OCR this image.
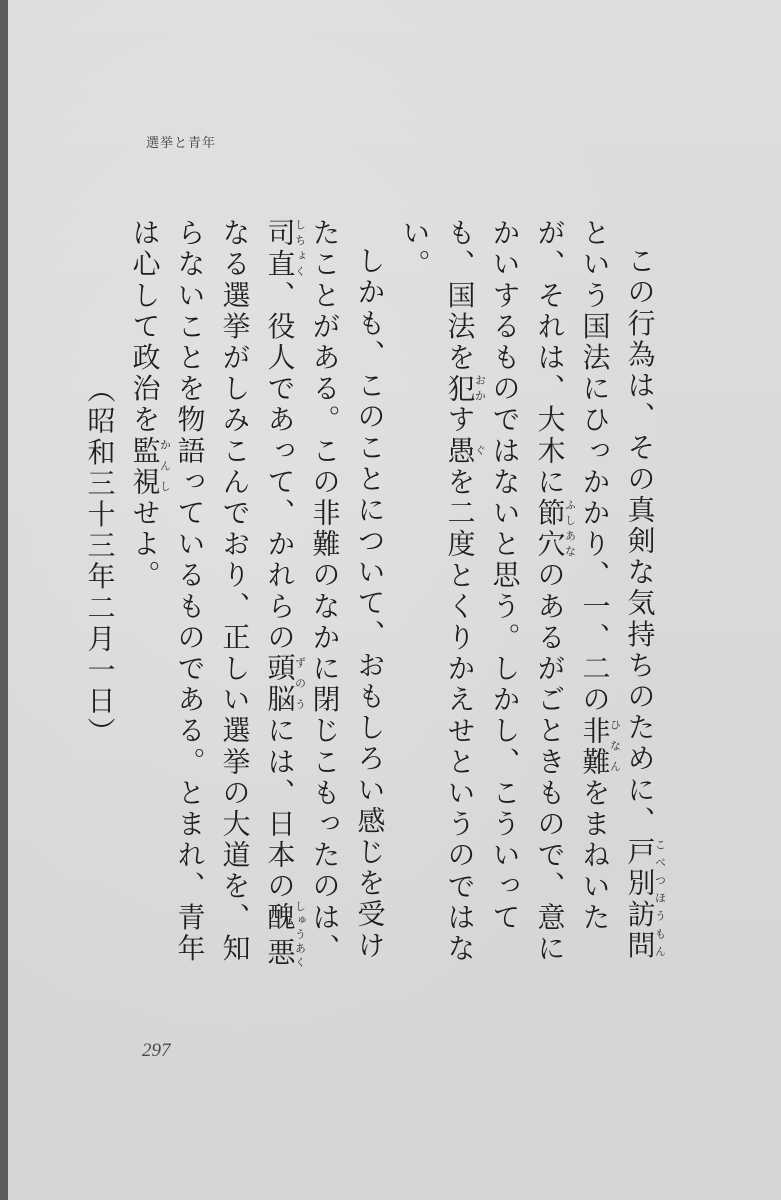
選挙と青年

この行為は、その真剣な気持ちのために、戸別訪問こべつほうもんという国法にひっかかり、一、二の非難ひなんをまねいたが、それは、大木に節穴ふしあなのあるがごときもので、意にかいするものではないと思う。しかし、こういっても、国法を犯おかす愚ぐを二度とくりかえせというのではない。

しかも、このことについて、おもしろい感じを受けたことがある。この非難のなかに閉じこもったのは、司直しちょく、役人であって、かれらの頭脳ずのうには、日本の醜悪しゅうあくなる選挙がしみこんでおり、正しい選挙の大道を、知らないことを物語っているものである。とまれ、青年は心して政治を監視かんしせよ。

（昭和三十三年二月一日）

297
